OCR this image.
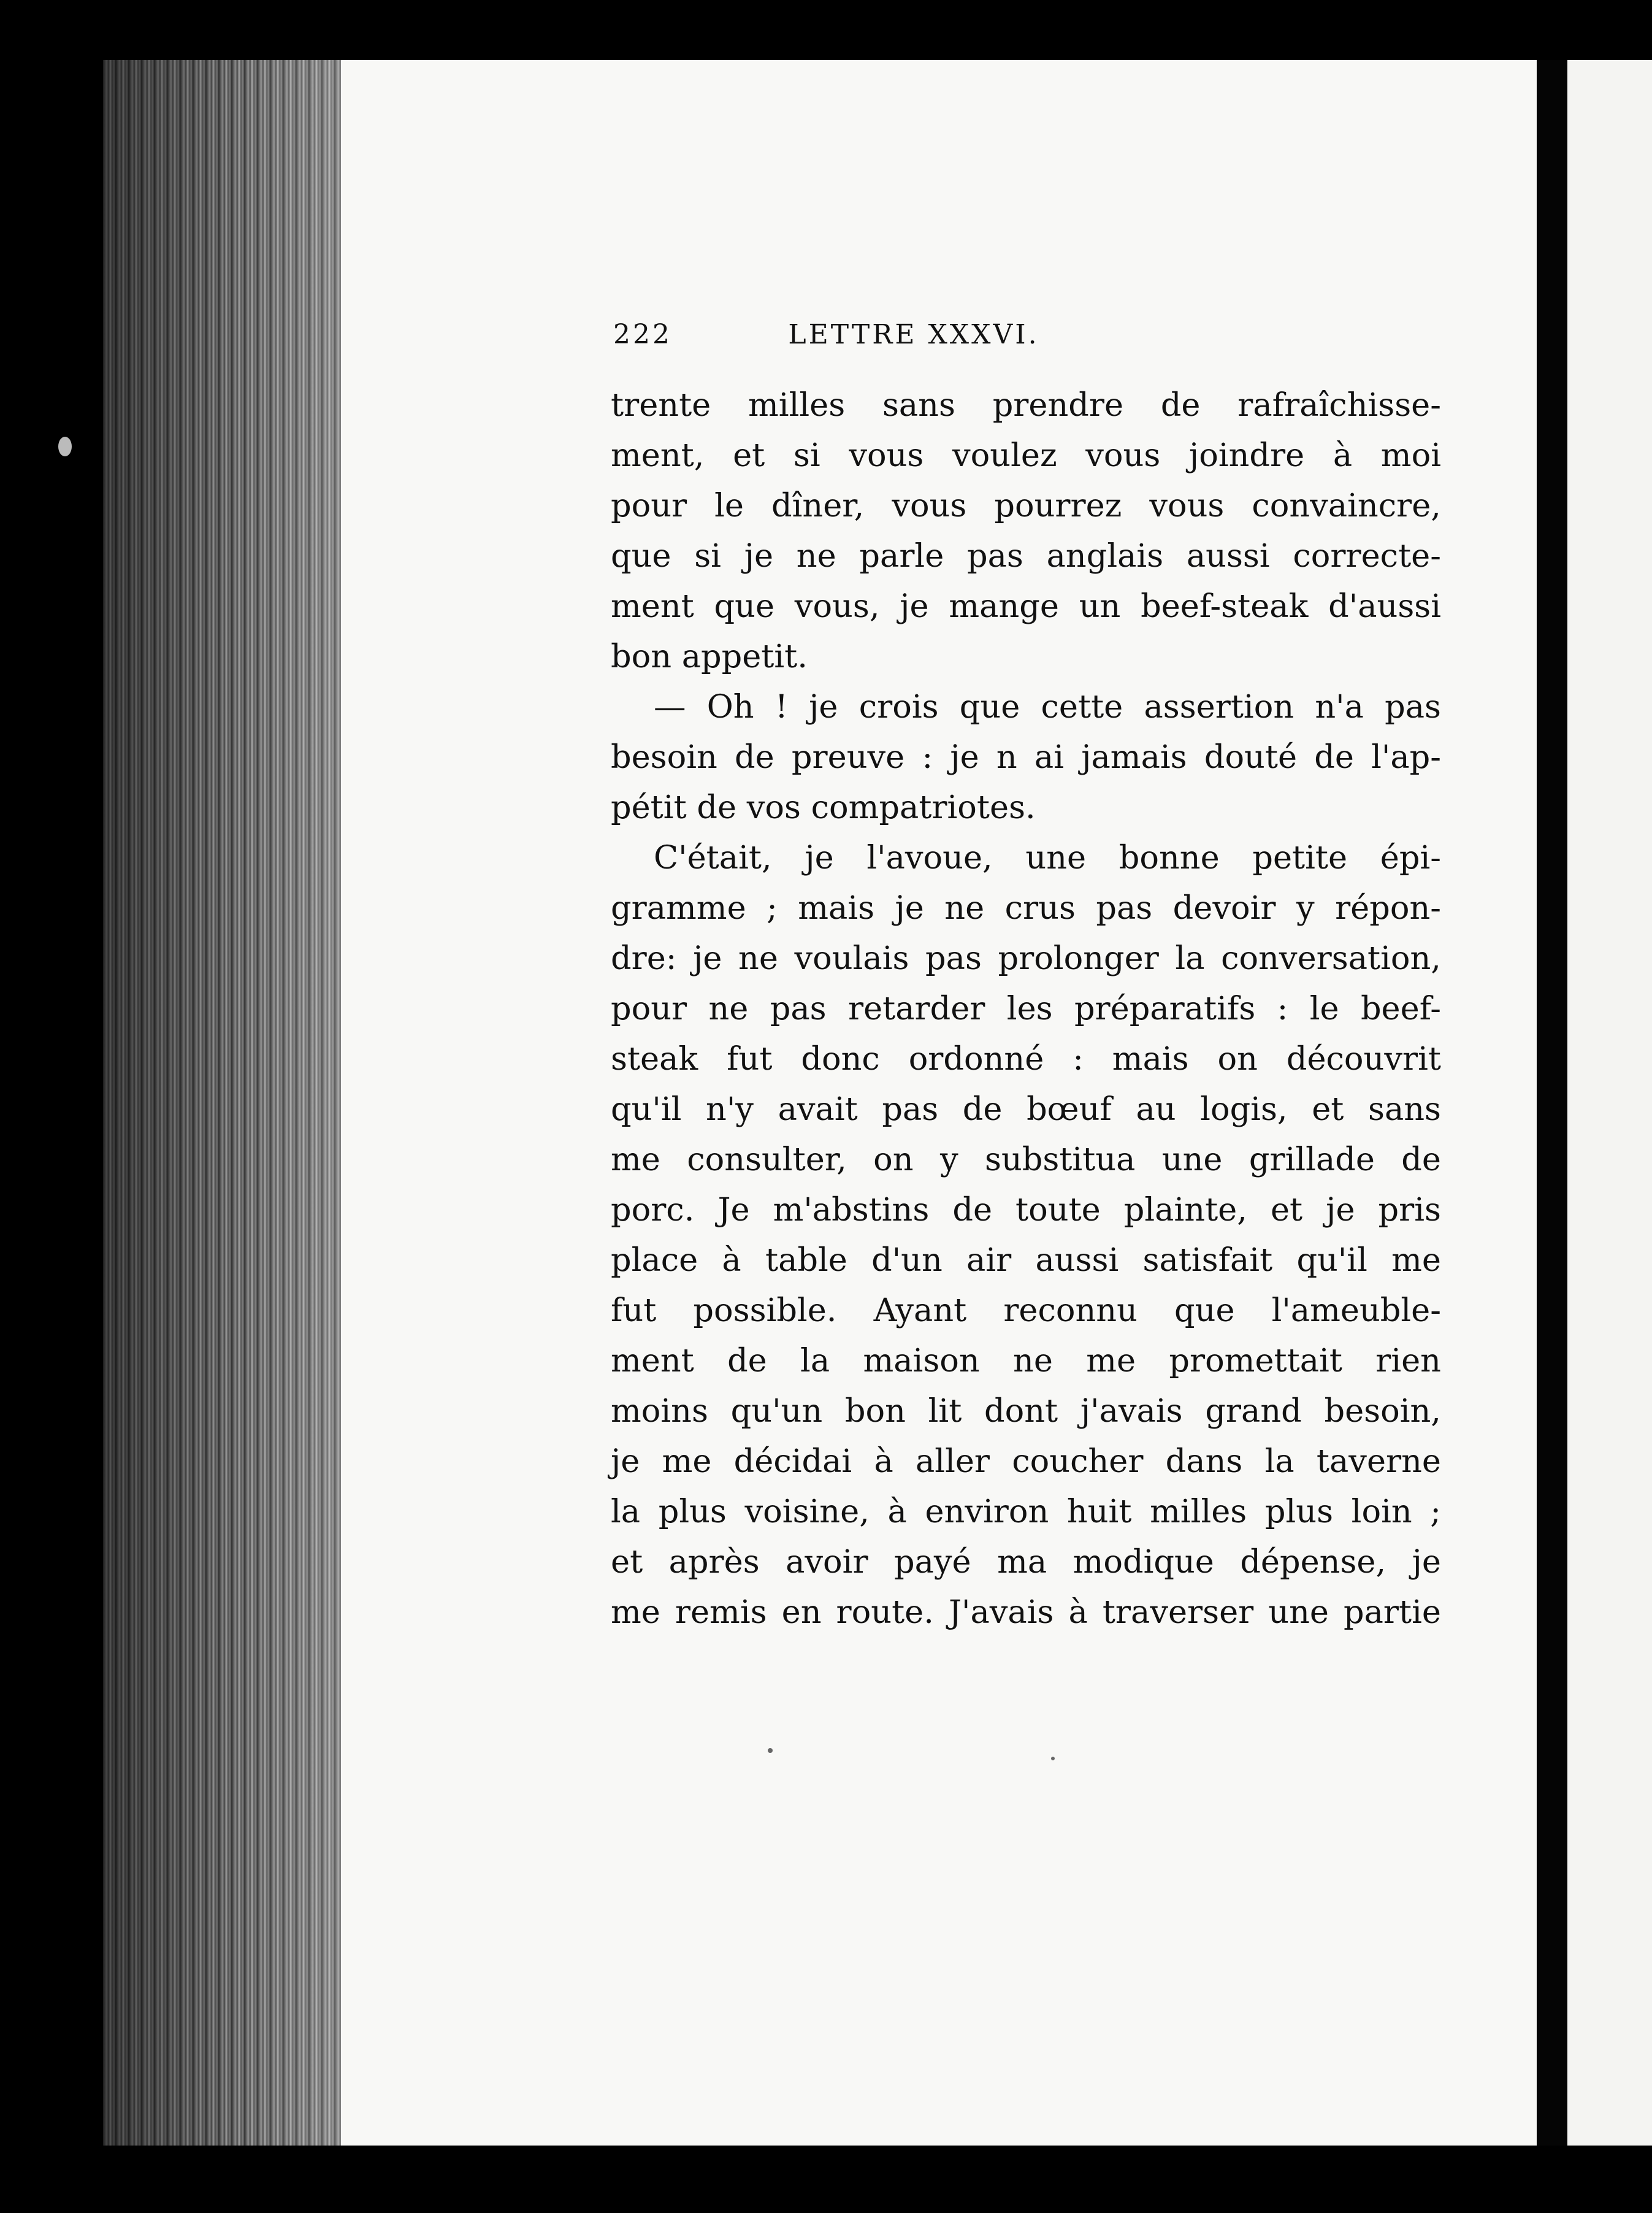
222	LETTRE XXXVI.
trente milles sans prendre de rafraîchisse-
ment, et si vous voulez vous joindre à moi
pour le dîner, vous pourrez vous convaincre,
que si je ne parle pas anglais aussi correcte-
ment que vous, je mange un beef-steak d'aussi
bon appetit.
— Oh ! je crois que cette assertion n'a pas
besoin de preuve : je n ai jamais douté de l'ap-
pétit de vos compatriotes.
C'était, je l'avoue, une bonne petite épi-
gramme ; mais je ne crus pas devoir y répon-
dre: je ne voulais pas prolonger la conversation,
pour ne pas retarder les préparatifs : le beef-
steak fut donc ordonné : mais on découvrit
qu'il n'y avait pas de bœuf au logis, et sans
me consulter, on y substitua une grillade de
porc. Je m'abstins de toute plainte, et je pris
place à table d'un air aussi satisfait qu'il me
fut possible. Ayant reconnu que l'ameuble-
ment de la maison ne me promettait rien
moins qu'un bon lit dont j'avais grand besoin,
je me décidai à aller coucher dans la taverne
la plus voisine, à environ huit milles plus loin ;
et après avoir payé ma modique dépense, je
me remis en route. J'avais à traverser une partie
